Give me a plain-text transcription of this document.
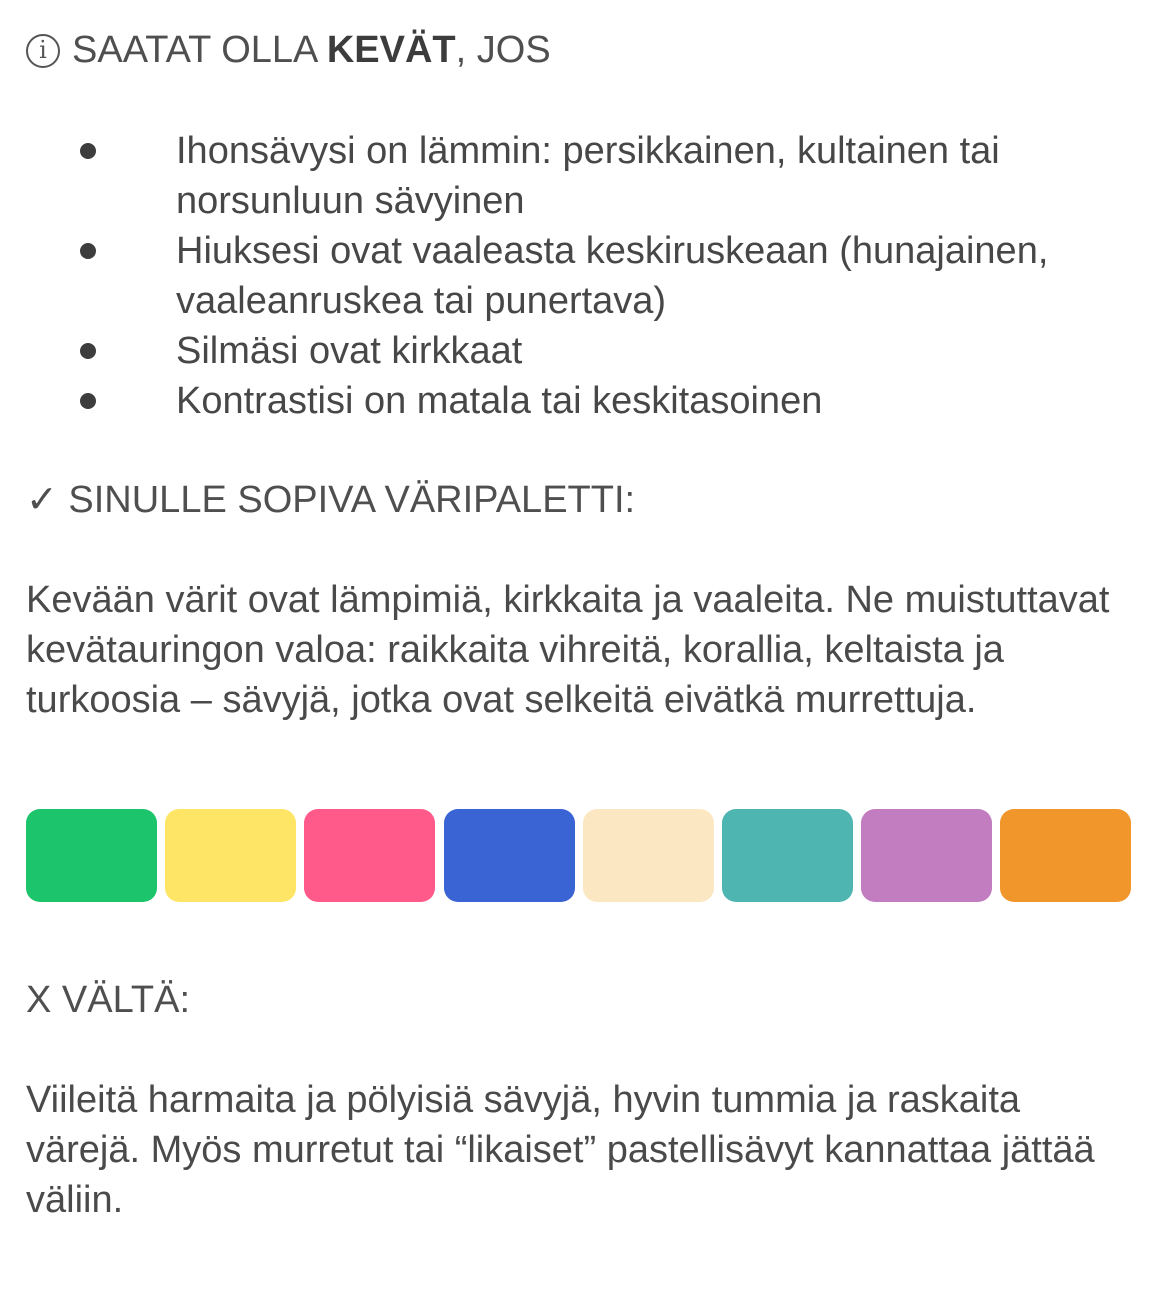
i SAATAT OLLA KEVÄT, JOS
Ihonsävysi on lämmin: persikkainen, kultainen tai norsunluun sävyinen
Hiuksesi ovat vaaleasta keskiruskeaan (hunajainen, vaaleanruskea tai punertava)
Silmäsi ovat kirkkaat
Kontrastisi on matala tai keskitasoinen
✓ SINULLE SOPIVA VÄRIPALETTI:
Kevään värit ovat lämpimiä, kirkkaita ja vaaleita. Ne muistuttavat kevätauringon valoa: raikkaita vihreitä, korallia, keltaista ja turkoosia – sävyjä, jotka ovat selkeitä eivätkä murrettuja.
X VÄLTÄ:
Viileitä harmaita ja pölyisiä sävyjä, hyvin tummia ja raskaita värejä. Myös murretut tai “likaiset” pastellisävyt kannattaa jättää väliin.
